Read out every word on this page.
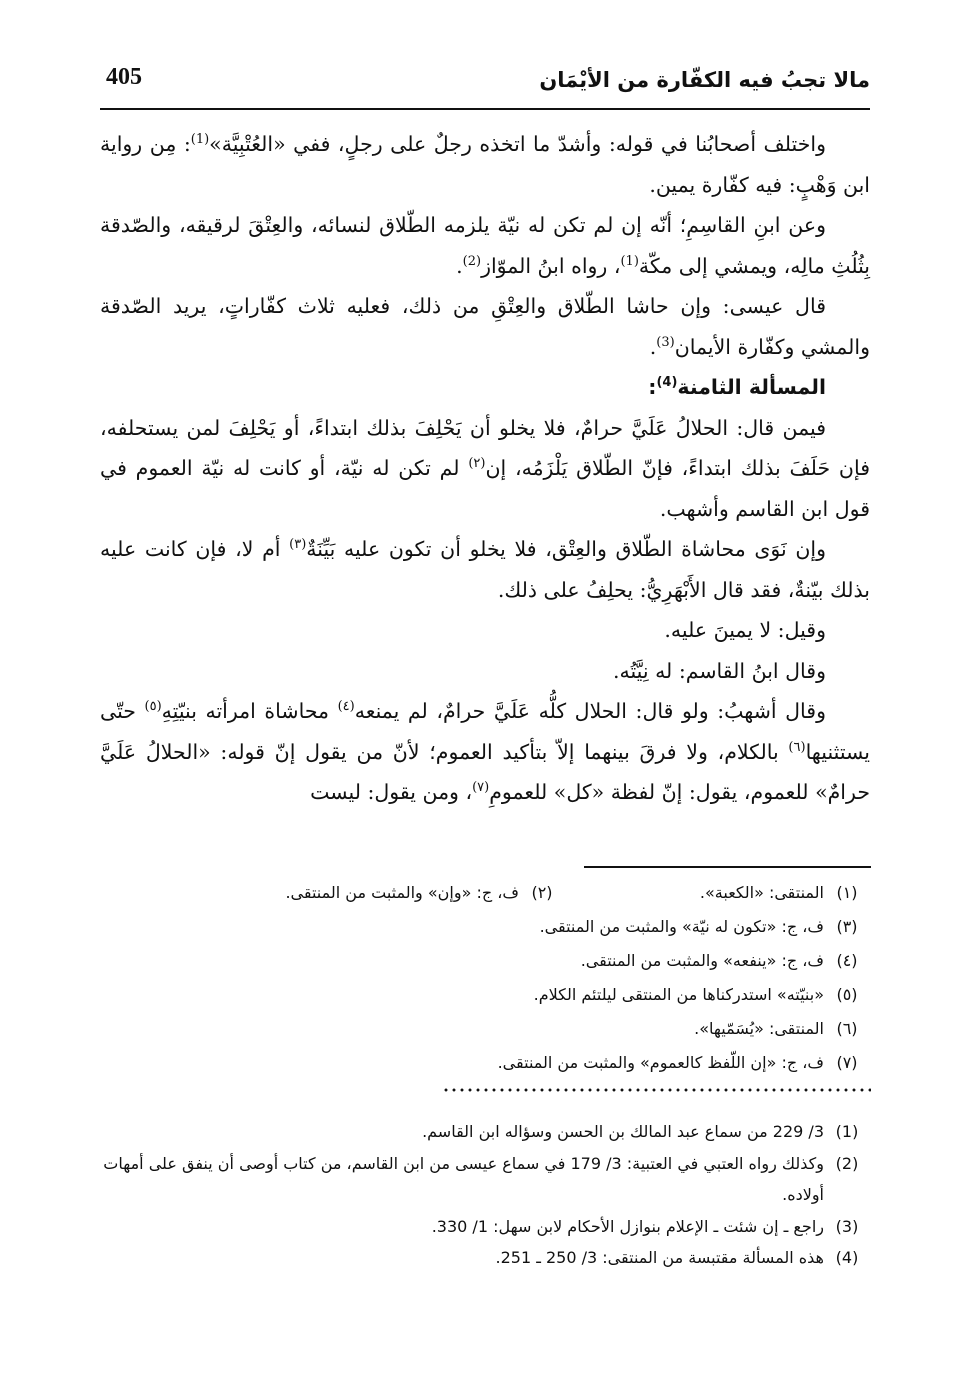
مالا تجبُ فيه الكفّارة من الأيْمَان
405

واختلف أصحابُنا في قوله: وأشدّ ما اتخذه رجلٌ على رجلٍ، ففي «العُتْبِيَّة»$^{(1)}$: مِن رواية ابن وَهْبٍ: فيه كفّارة يمين.

وعن ابنِ القاسِمِ؛ أنّه إن لم تكن له نيّة يلزمه الطّلاق لنسائه، والعِتْقَ لرقيقه، والصّدقة بِثُلُثِ مالِه، ويمشي إلى مكّة$^{(1)}$، رواه ابنُ الموّاز$^{(2)}$.

قال عيسى: وإن حاشا الطّلاق والعِتْقِ من ذلك، فعليه ثلاث كفّاراتٍ، يريد الصّدقة والمشي وكفّارة الأيمان$^{(3)}$.

المسألة الثامنة$^{(4)}$:

فيمن قال: الحلالُ عَلَيَّ حرامٌ، فلا يخلو أن يَحْلِفَ بذلك ابتداءً، أو يَحْلِفَ لمن يستحلفه، فإن حَلَفَ بذلك ابتداءً، فإنّ الطّلاق يَلْزَمُه، إن$^{(٢)}$ لم تكن له نيّة، أو كانت له نيّة العموم في قول ابن القاسم وأشهب.

وإن نَوَى محاشاة الطّلاق والعِتْق، فلا يخلو أن تكون عليه بَيِّنَةٌ$^{(٣)}$ أم لا، فإن كانت عليه بذلك بيّنةٌ، فقد قال الأَبْهَرِيُّ: يحلِفُ على ذلك.

وقيل: لا يمينَ عليه.

وقال ابنُ القاسم: له نِيَّتُه.

وقال أشهبُ: ولو قال: الحلال كلُّه عَلَيَّ حرامٌ، لم يمنعه$^{(٤)}$ محاشاة امرأته بنيّتِهِ$^{(٥)}$ حتّى يستثنيها$^{(٦)}$ بالكلام، ولا فرقَ بينهما إلاّ بتأكيد العموم؛ لأنّ من يقول إنّ قوله: «الحلالُ عَلَيَّ حرامٌ» للعموم، يقول: إنّ لفظة «كل» للعمومِ$^{(٧)}$، ومن يقول: ليست

(١)
المنتقى: «الكعبة».
(٢)
ف، ج: «وإن» والمثبت من المنتقى.
(٣)
ف، ج: «تكون له نيّة» والمثبت من المنتقى.
(٤)
ف، ج: «ينفعه» والمثبت من المنتقى.
(٥)
«بنيّته» استدركناها من المنتقى ليلتئم الكلام.
(٦)
المنتقى: «يُسَمّيها».
(٧)
ف، ج: «إن اللّفظ كالعموم» والمثبت من المنتقى.
(1)
3/ 229 من سماع عبد المالك بن الحسن وسؤاله ابن القاسم.
(2)
وكذلك رواه العتبي في العتبية: 3/ 179 في سماع عيسى من ابن القاسم، من كتاب أوصى أن ينفق على أمهات أولاده.
(3)
راجع ـ إن شئت ـ الإعلام بنوازل الأحكام لابن سهل: 1/ 330.
(4)
هذه المسألة مقتبسة من المنتقى: 3/ 250 ـ 251.
